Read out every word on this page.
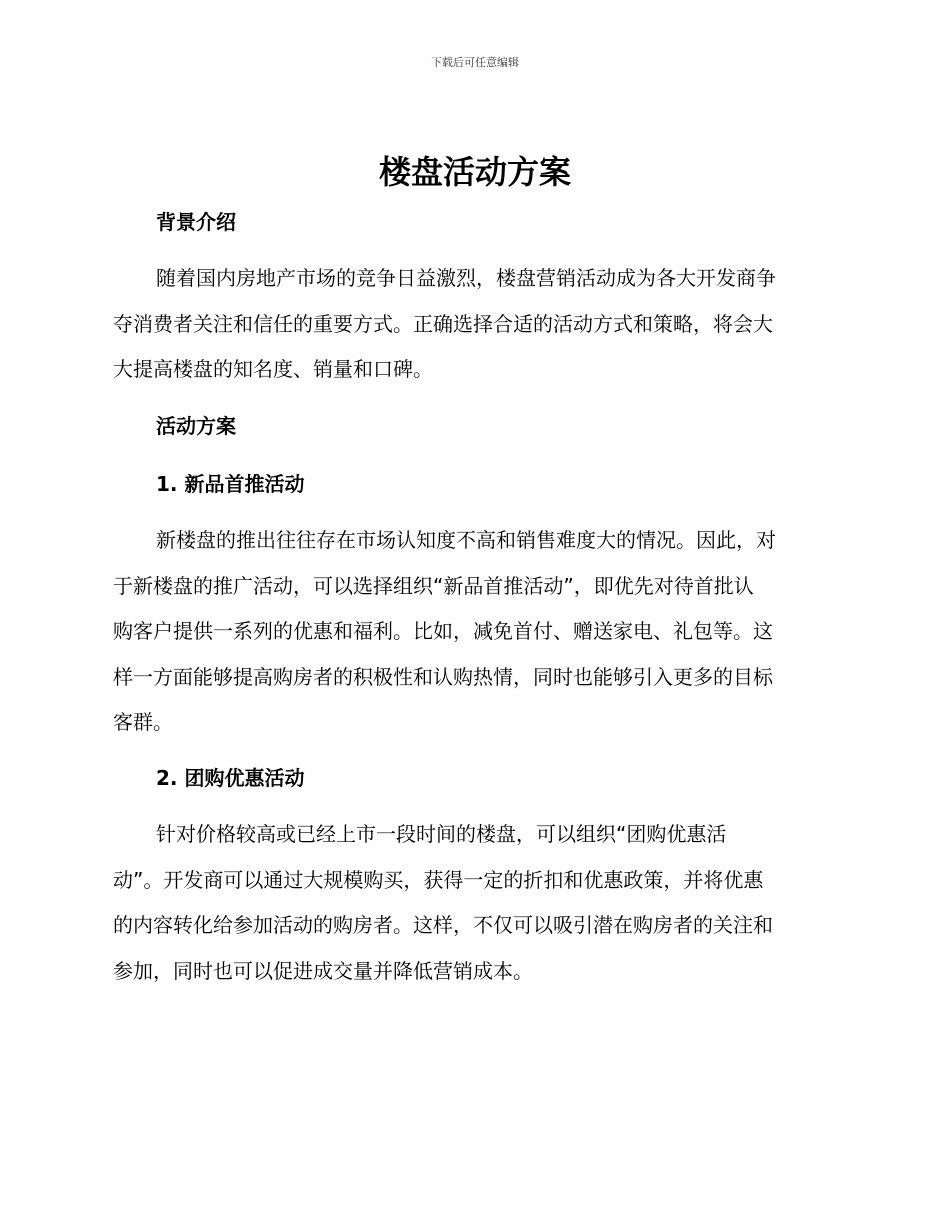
下载后可任意编辑
楼盘活动方案
背景介绍
随着国内房地产市场的竞争日益激烈，楼盘营销活动成为各大开发商争
夺消费者关注和信任的重要方式。正确选择合适的活动方式和策略，将会大
大提高楼盘的知名度、销量和口碑。
活动方案
1. 新品首推活动
新楼盘的推出往往存在市场认知度不高和销售难度大的情况。因此，对
于新楼盘的推广活动，可以选择组织“新品首推活动”，即优先对待首批认
购客户提供一系列的优惠和福利。比如，减免首付、赠送家电、礼包等。这
样一方面能够提高购房者的积极性和认购热情，同时也能够引入更多的目标
客群。
2. 团购优惠活动
针对价格较高或已经上市一段时间的楼盘，可以组织“团购优惠活
动”。开发商可以通过大规模购买，获得一定的折扣和优惠政策，并将优惠
的内容转化给参加活动的购房者。这样，不仅可以吸引潜在购房者的关注和
参加，同时也可以促进成交量并降低营销成本。
